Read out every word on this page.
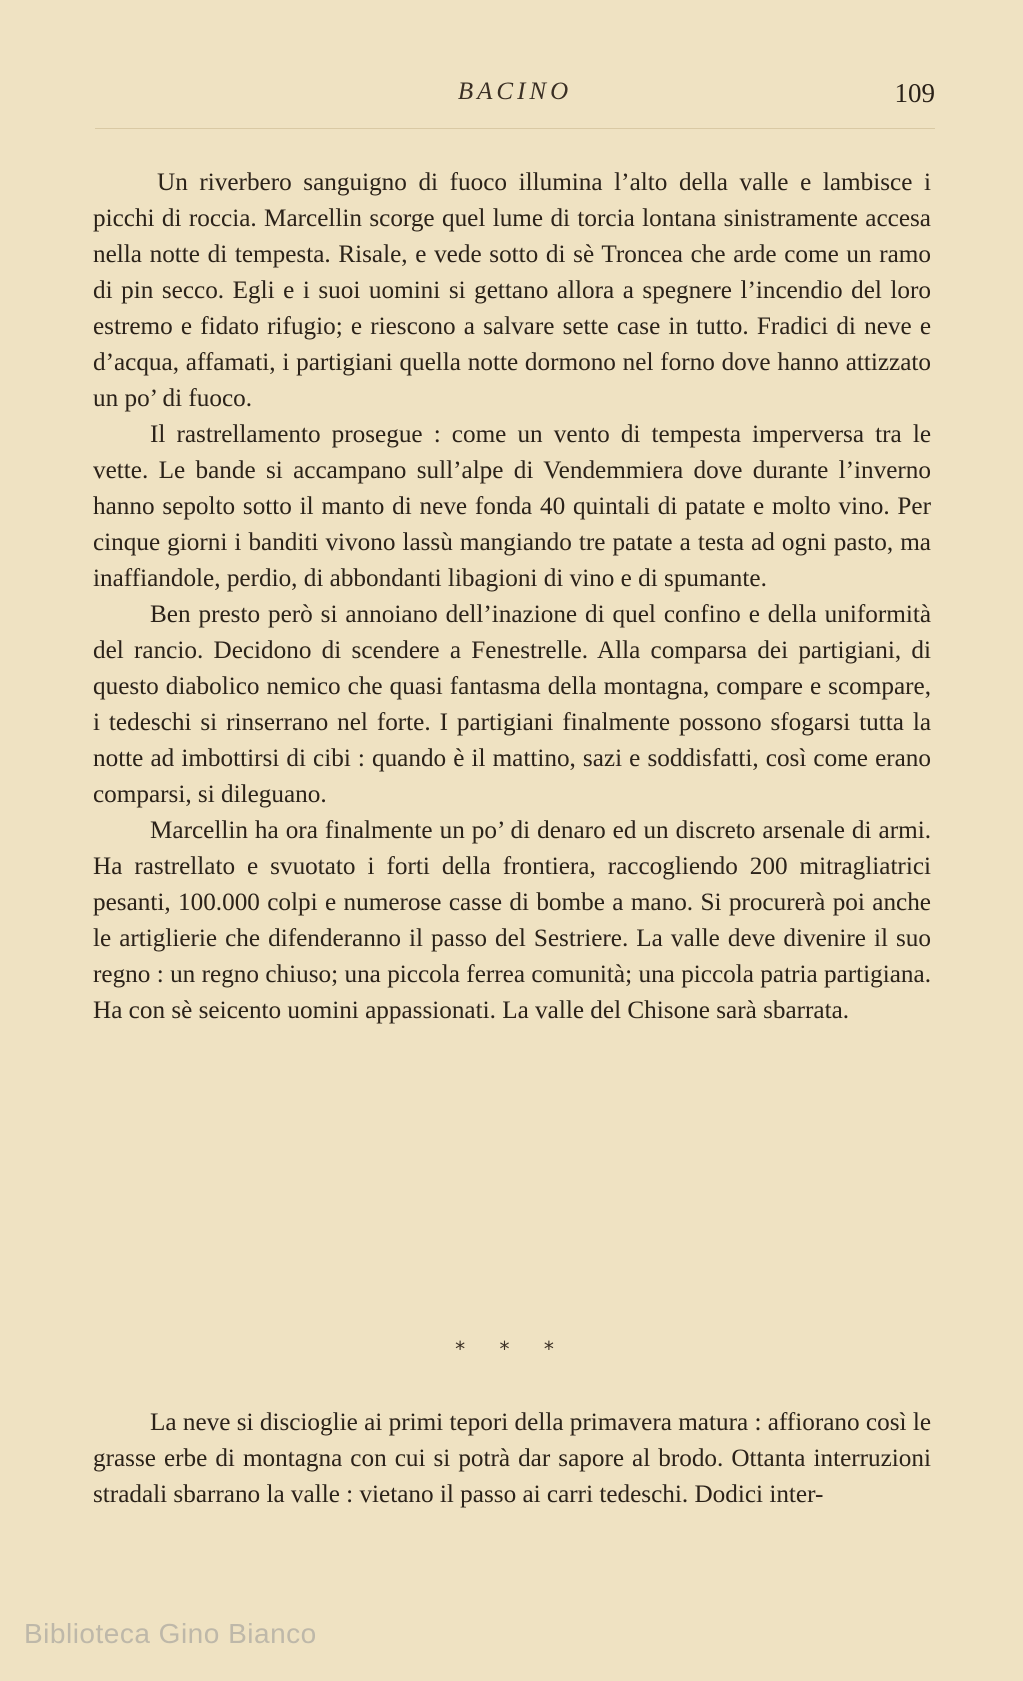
BACINO	109

Un riverbero sanguigno di fuoco illumina l’alto della valle e lambisce i picchi di roccia. Marcellin scorge quel lume di torcia lontana sinistramente accesa nella notte di tempesta. Risale, e vede sotto di sè Troncea che arde come un ramo di pin secco. Egli e i suoi uomini si gettano allora a spegnere l’incendio del loro estremo e fidato rifugio; e riescono a salvare sette case in tutto. Fradici di neve e d’acqua, affamati, i partigiani quella notte dormono nel forno dove hanno attizzato un po’ di fuoco.

Il rastrellamento prosegue : come un vento di tempesta imperversa tra le vette. Le bande si accampano sull’alpe di Vendemmiera dove durante l’inverno hanno sepolto sotto il manto di neve fonda 40 quintali di patate e molto vino. Per cinque giorni i banditi vivono lassù mangiando tre patate a testa ad ogni pasto, ma inaffiandole, perdio, di abbondanti libagioni di vino e di spumante.

Ben presto però si annoiano dell’inazione di quel confino e della uniformità del rancio. Decidono di scendere a Fenestrelle. Alla comparsa dei partigiani, di questo diabolico nemico che quasi fantasma della montagna, compare e scompare, i tedeschi si rinserrano nel forte. I partigiani finalmente possono sfogarsi tutta la notte ad imbottirsi di cibi : quando è il mattino, sazi e soddisfatti, così come erano comparsi, si dileguano.

Marcellin ha ora finalmente un po’ di denaro ed un discreto arsenale di armi. Ha rastrellato e svuotato i forti della frontiera, raccogliendo 200 mitragliatrici pesanti, 100.000 colpi e numerose casse di bombe a mano. Si procurerà poi anche le artiglierie che difenderanno il passo del Sestriere. La valle deve divenire il suo regno : un regno chiuso; una piccola ferrea comunità; una piccola patria partigiana. Ha con sè seicento uomini appassionati. La valle del Chisone sarà sbarrata.

* * *

La neve si discioglie ai primi tepori della primavera matura : affiorano così le grasse erbe di montagna con cui si potrà dar sapore al brodo. Ottanta interruzioni stradali sbarrano la valle : vietano il passo ai carri tedeschi. Dodici inter-

Biblioteca Gino Bianco
